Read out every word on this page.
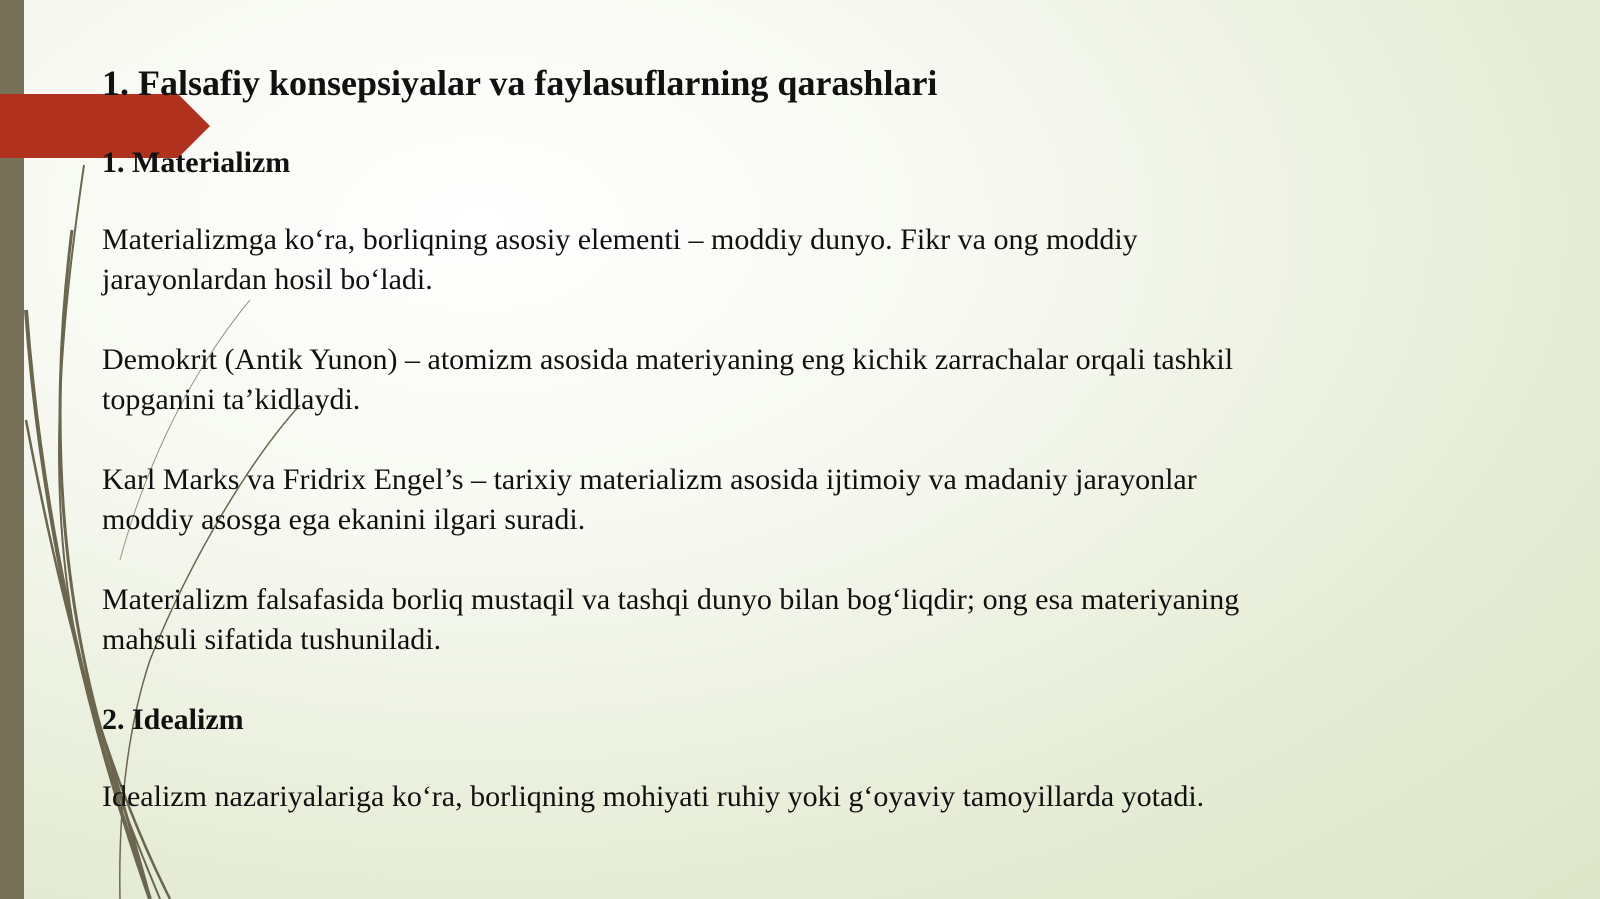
1. Falsafiy konsepsiyalar va faylasuflarning qarashlari
1. Materializm
Materializmga ko‘ra, borliqning asosiy elementi – moddiy dunyo. Fikr va ong moddiy jarayonlardan hosil bo‘ladi.
Demokrit (Antik Yunon) – atomizm asosida materiyaning eng kichik zarrachalar orqali tashkil topganini ta’kidlaydi.
Karl Marks va Fridrix Engel’s – tarixiy materializm asosida ijtimoiy va madaniy jarayonlar moddiy asosga ega ekanini ilgari suradi.
Materializm falsafasida borliq mustaqil va tashqi dunyo bilan bog‘liqdir; ong esa materiyaning mahsuli sifatida tushuniladi.
2. Idealizm
Idealizm nazariyalariga ko‘ra, borliqning mohiyati ruhiy yoki g‘oyaviy tamoyillarda yotadi.
